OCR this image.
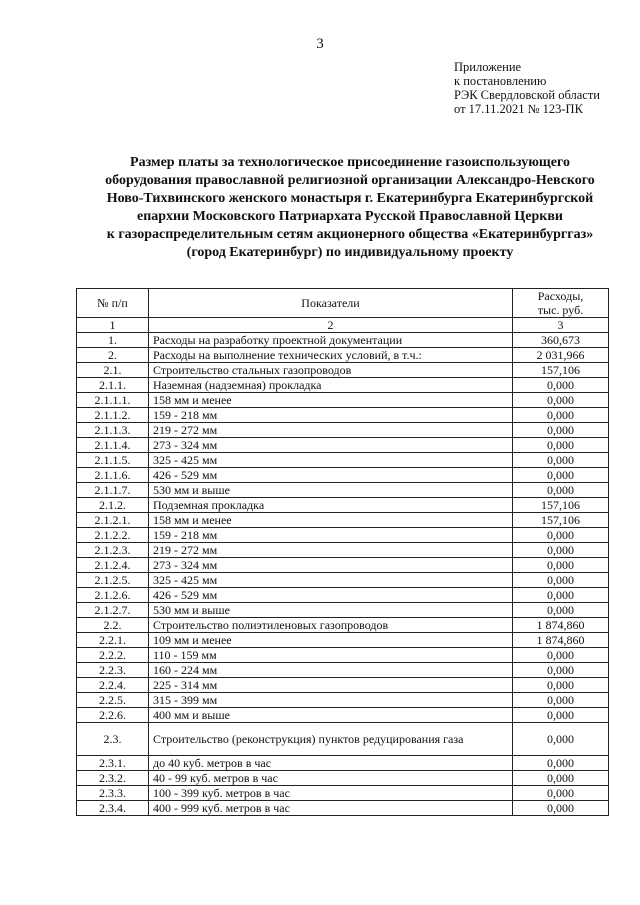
3
Приложение
к постановлению
РЭК Свердловской области
от 17.11.2021 № 123-ПК
Размер платы за технологическое присоединение газоиспользующего
оборудования православной религиозной организации Александро-Невского
Ново-Тихвинского женского монастыря г. Екатеринбурга Екатеринбургской
епархии Московского Патриархата Русской Православной Церкви
к газораспределительным сетям акционерного общества «Екатеринбурггаз»
(город Екатеринбург) по индивидуальному проекту
№ п/п	Показатели	Расходы,
тыс. руб.

1	2	3
1.	Расходы на разработку проектной документации	360,673
2.	Расходы на выполнение технических условий, в т.ч.:	2 031,966
2.1.	Строительство стальных газопроводов	157,106
2.1.1.	Наземная (надземная) прокладка	0,000
2.1.1.1.	158 мм и менее	0,000
2.1.1.2.	159 - 218 мм	0,000
2.1.1.3.	219 - 272 мм	0,000
2.1.1.4.	273 - 324 мм	0,000
2.1.1.5.	325 - 425 мм	0,000
2.1.1.6.	426 - 529 мм	0,000
2.1.1.7.	530 мм и выше	0,000
2.1.2.	Подземная прокладка	157,106
2.1.2.1.	158 мм и менее	157,106
2.1.2.2.	159 - 218 мм	0,000
2.1.2.3.	219 - 272 мм	0,000
2.1.2.4.	273 - 324 мм	0,000
2.1.2.5.	325 - 425 мм	0,000
2.1.2.6.	426 - 529 мм	0,000
2.1.2.7.	530 мм и выше	0,000
2.2.	Строительство полиэтиленовых газопроводов	1 874,860
2.2.1.	109 мм и менее	1 874,860
2.2.2.	110 - 159 мм	0,000
2.2.3.	160 - 224 мм	0,000
2.2.4.	225 - 314 мм	0,000
2.2.5.	315 - 399 мм	0,000
2.2.6.	400 мм и выше	0,000
2.3.	Строительство (реконструкция) пунктов редуцирования газа	0,000
2.3.1.	до 40 куб. метров в час	0,000
2.3.2.	40 - 99 куб. метров в час	0,000
2.3.3.	100 - 399 куб. метров в час	0,000
2.3.4.	400 - 999 куб. метров в час	0,000
